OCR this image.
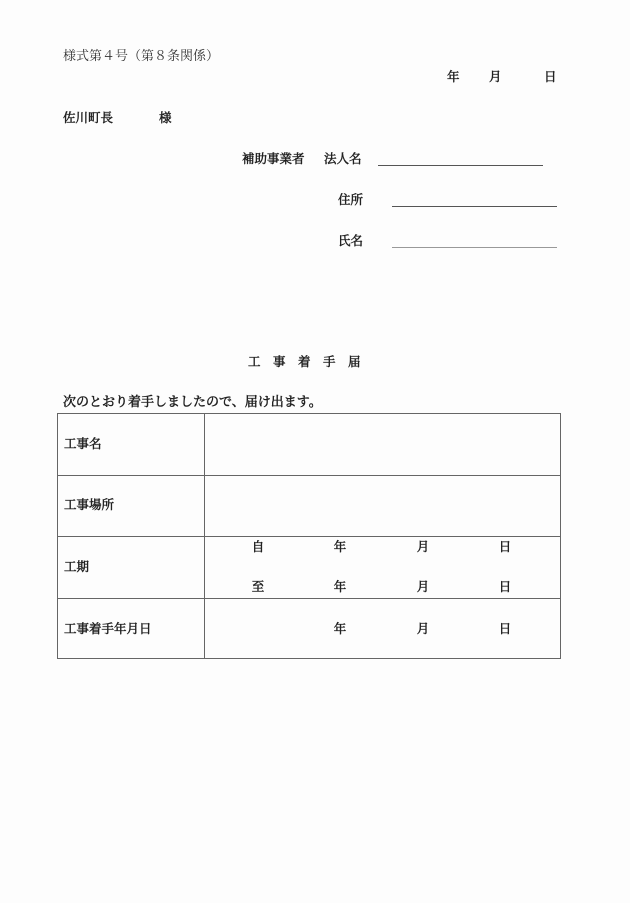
様式第４号（第８条関係）
年 月	日
佐川町長	様
補助事業者 法人名
住所
氏名
工　事　着　手　届
次のとおり着手しましたので、届け出ます。
工事名
工事場所
工期
自	年	月	日
至	年	月	日
工事着手年月日	年	月	日
